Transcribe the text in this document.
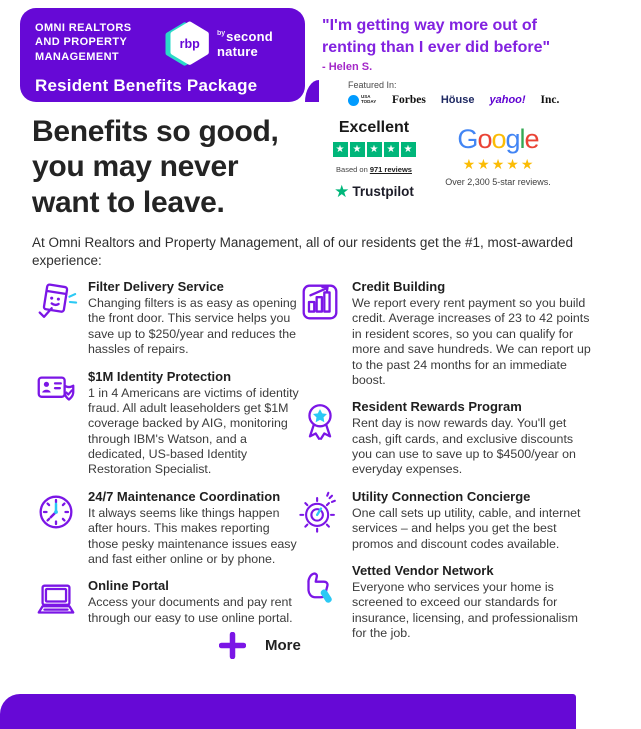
OMNI REALTORS
AND PROPERTY
MANAGEMENT
rbp
$^{by}$second
nature
Resident Benefits Package
"I'm getting way more out of
renting than I ever did before"
- Helen S.
Featured In:
USA TODAY Forbes Höuse yahoo! Inc.
Excellent
★ ★ ★ ★ ★
Based on 971 reviews
★ Trustpilot
Google
★ ★ ★ ★ ★
Over 2,300 5-star reviews.
Benefits so good,
you may never
want to leave.

At Omni Realtors and Property Management, all of our residents get the #1, most-awarded experience:

Filter Delivery Service
Changing filters is as easy as opening the front door. This service helps you save up to $250/year and reduces the hassles of repairs.
$1M Identity Protection
1 in 4 Americans are victims of identity fraud. All adult leaseholders get $1M coverage backed by AIG, monitoring through IBM's Watson, and a dedicated, US-based Identity Restoration Specialist.
24/7 Maintenance Coordination
It always seems like things happen after hours. This makes reporting those pesky maintenance issues easy and fast either online or by phone.
Online Portal
Access your documents and pay rent through our easy to use online portal.
Credit Building
We report every rent payment so you build credit. Average increases of 23 to 42 points in resident scores, so you can qualify for more and save hundreds. We can report up to the past 24 months for an immediate boost.
Resident Rewards Program
Rent day is now rewards day. You'll get cash, gift cards, and exclusive discounts you can use to save up to $4500/year on everyday expenses.
Utility Connection Concierge
One call sets up utility, cable, and internet services – and helps you get the best promos and discount codes available.
Vetted Vendor Network
Everyone who services your home is screened to exceed our standards for insurance, licensing, and professionalism for the job.
More
